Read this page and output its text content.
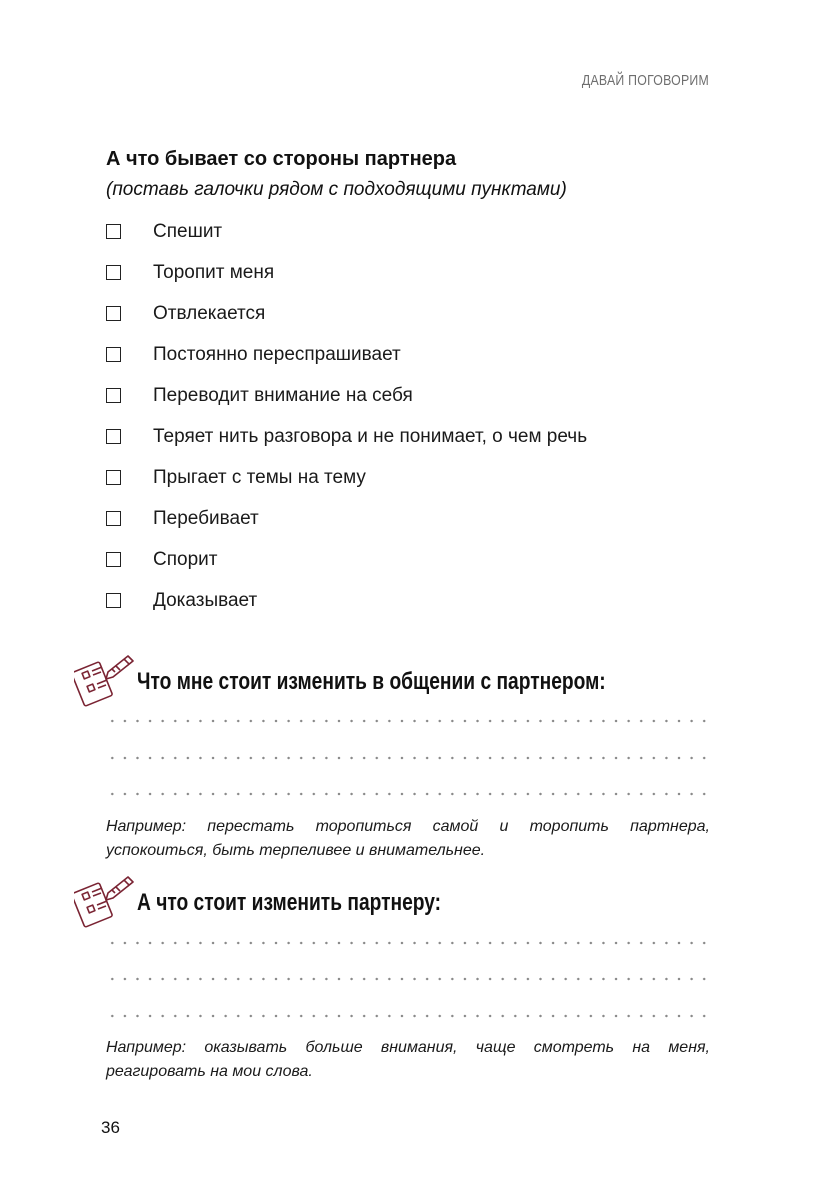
ДАВАЙ ПОГОВОРИМ
А что бывает со стороны партнера
(поставь галочки рядом с подходящими пунктами)
Спешит
Торопит меня
Отвлекается
Постоянно переспрашивает
Переводит внимание на себя
Теряет нить разговора и не понимает, о чем речь
Прыгает с темы на тему
Перебивает
Спорит
Доказывает
Что мне стоит изменить в общении с партнером:
Например: перестать торопиться самой и торопить партнера, успокоиться, быть терпеливее и внимательнее.
А что стоит изменить партнеру:
Например: оказывать больше внимания, чаще смотреть на меня, реагировать на мои слова.
36
